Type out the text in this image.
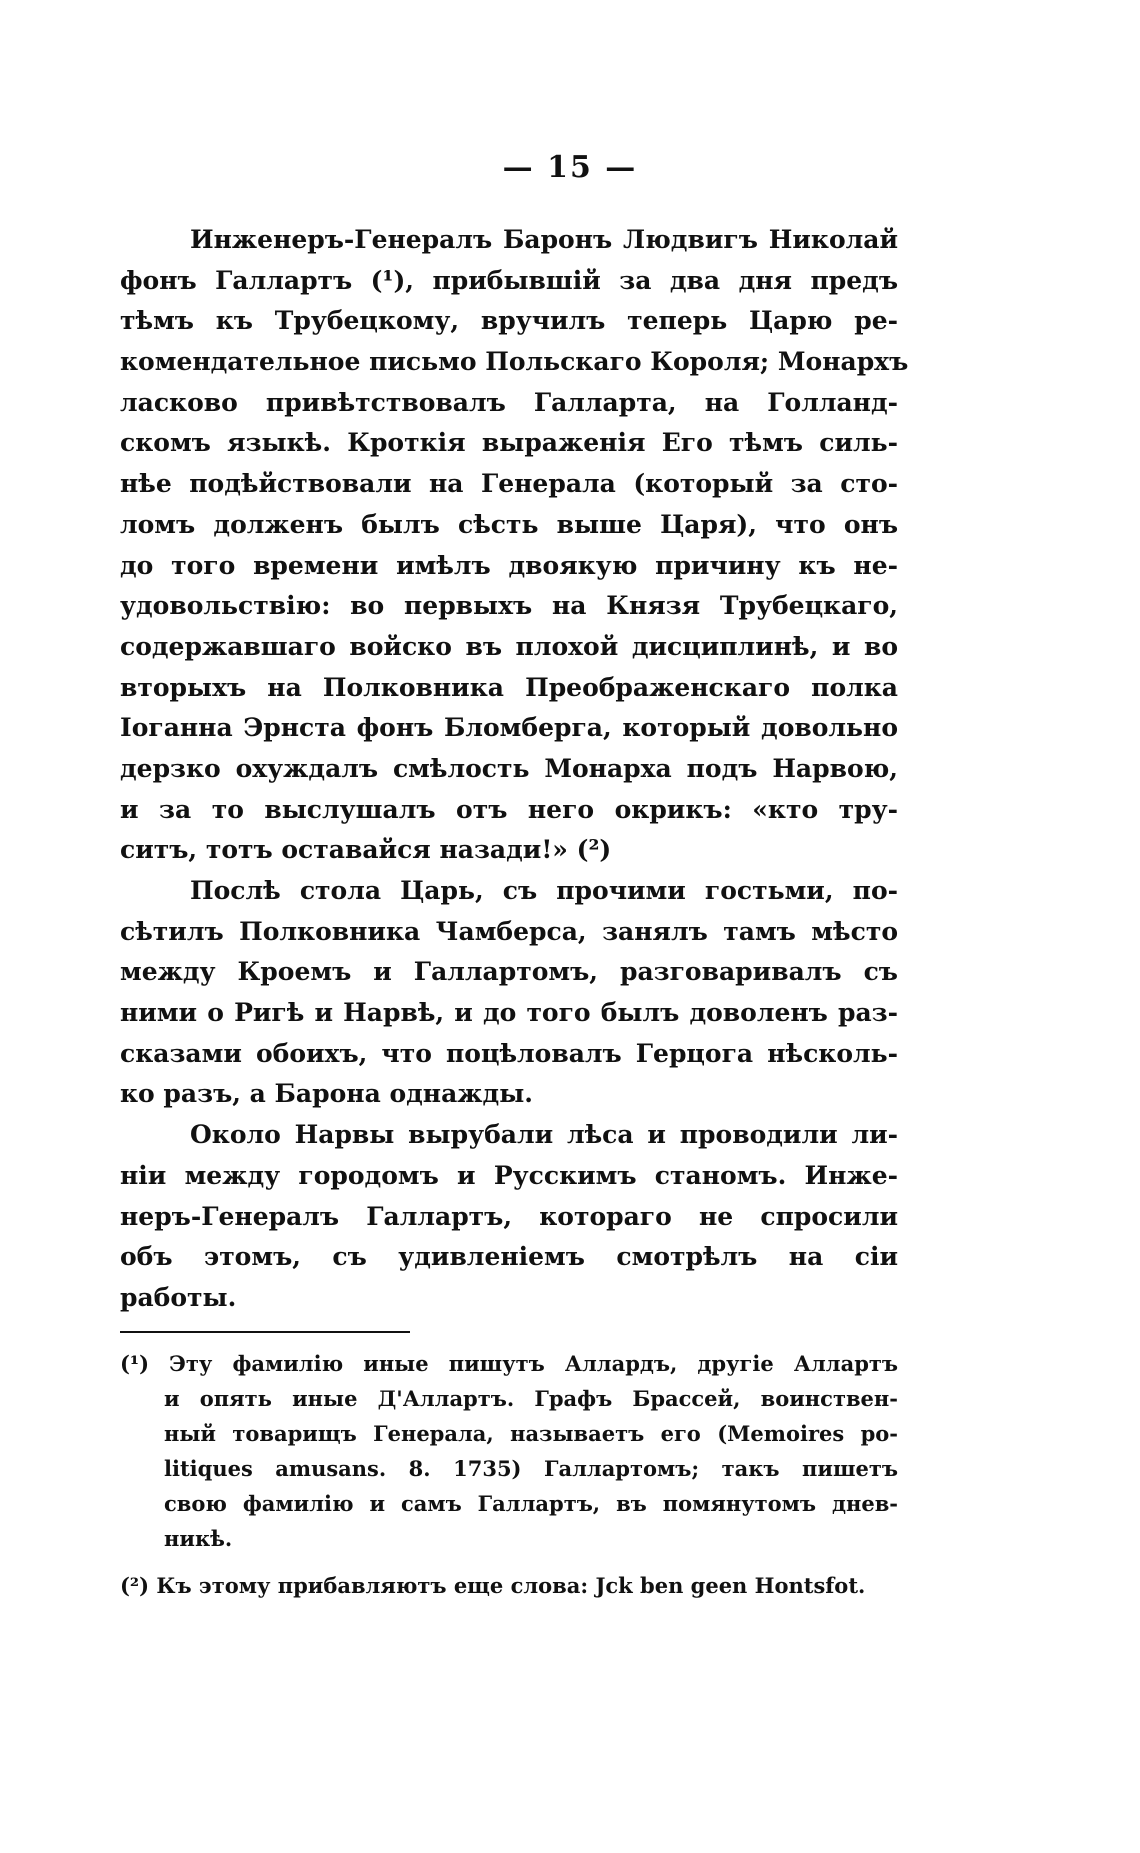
— 15 —
Инженеръ-Генералъ Баронъ Людвигъ Николай
фонъ Галлартъ (¹), прибывшій за два дня предъ
тѣмъ къ Трубецкому, вручилъ теперь Царю ре-
комендательное письмо Польскаго Короля; Монархъ
ласково привѣтствовалъ Галларта, на Голланд-
скомъ языкѣ. Кроткія выраженія Его тѣмъ силь-
нѣе подѣйствовали на Генерала (который за сто-
ломъ долженъ былъ сѣсть выше Царя), что онъ
до того времени имѣлъ двоякую причину къ не-
удовольствію: во первыхъ на Князя Трубецкаго,
содержавшаго войско въ плохой дисциплинѣ, и во
вторыхъ на Полковника Преображенскаго полка
Іоганна Эрнста фонъ Бломберга, который довольно
дерзко охуждалъ смѣлость Монарха подъ Нарвою,
и за то выслушалъ отъ него окрикъ: «кто тру-
ситъ, тотъ оставайся назади!» (²)
Послѣ стола Царь, съ прочими гостьми, по-
сѣтилъ Полковника Чамберса, занялъ тамъ мѣсто
между Кроемъ и Галлартомъ, разговаривалъ съ
ними о Ригѣ и Нарвѣ, и до того былъ доволенъ раз-
сказами обоихъ, что поцѣловалъ Герцога нѣсколь-
ко разъ, а Барона однажды.
Около Нарвы вырубали лѣса и проводили ли-
ніи между городомъ и Русскимъ станомъ. Инже-
неръ-Генералъ Галлартъ, котораго не спросили
объ этомъ, съ удивленіемъ смотрѣлъ на сіи
работы.
(¹) Эту фамилію иные пишутъ Аллардъ, другіе Аллартъ
и опять иные Д'Аллартъ. Графъ Брассей, воинствен-
ный товарищъ Генерала, называетъ его (Memoires po-
litiques amusans. 8. 1735) Галлартомъ; такъ пишетъ
свою фамилію и самъ Галлартъ, въ помянутомъ днев-
никѣ.
(²) Къ этому прибавляютъ еще слова: Jck ben geen Hontsfot.
